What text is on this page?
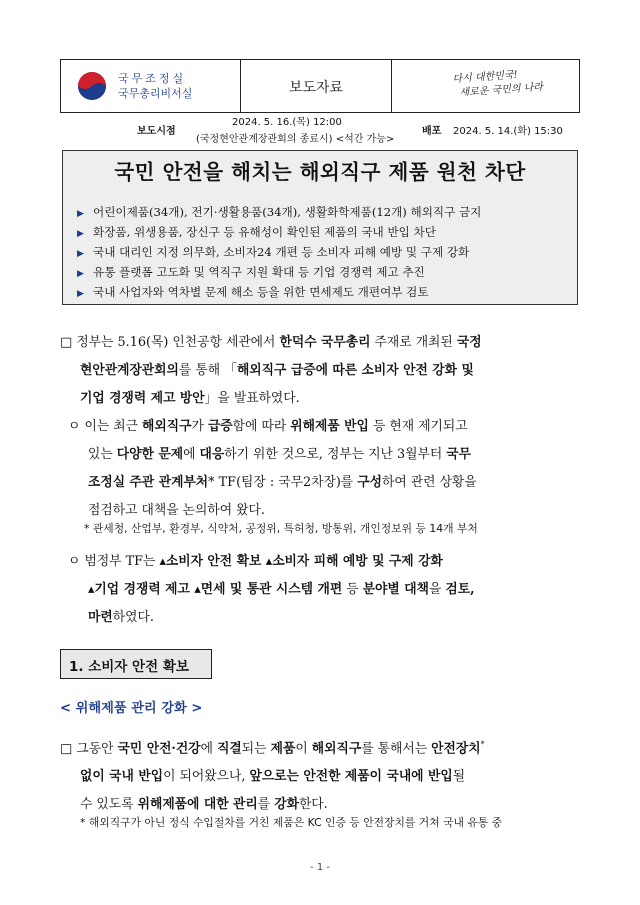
국무조정실
국무총리비서실	보도자료
다시 대한민국!
새로운 국민의 나라
보도시점
2024. 5. 16.(목) 12:00
(국정현안관계장관회의 종료시) <석간 가능>
배포 2024. 5. 14.(화) 15:30
국민 안전을 해치는 해외직구 제품 원천 차단
▶ 어린이제품(34개), 전기·생활용품(34개), 생활화학제품(12개) 해외직구 금지
▶ 화장품, 위생용품, 장신구 등 유해성이 확인된 제품의 국내 반입 차단
▶ 국내 대리인 지정 의무화, 소비자24 개편 등 소비자 피해 예방 및 구제 강화
▶ 유통 플랫폼 고도화 및 역직구 지원 확대 등 기업 경쟁력 제고 추진
▶ 국내 사업자와 역차별 문제 해소 등을 위한 면세제도 개편여부 검토
□ 정부는 5.16(목) 인천공항 세관에서 한덕수 국무총리 주재로 개최된 국정
현안관계장관회의를 통해 「해외직구 급증에 따른 소비자 안전 강화 및
기업 경쟁력 제고 방안」을 발표하였다.
ㅇ 이는 최근 해외직구가 급증함에 따라 위해제품 반입 등 현재 제기되고
있는 다양한 문제에 대응하기 위한 것으로, 정부는 지난 3월부터 국무
조정실 주관 관계부처* TF(팀장 : 국무2차장)를 구성하여 관련 상황을
점검하고 대책을 논의하여 왔다.
* 관세청, 산업부, 환경부, 식약처, 공정위, 특허청, 방통위, 개인정보위 등 14개 부처
ㅇ 범정부 TF는 ▴소비자 안전 확보 ▴소비자 피해 예방 및 구제 강화
▴기업 경쟁력 제고 ▴면세 및 통관 시스템 개편 등 분야별 대책을 검토,
마련하였다.
1. 소비자 안전 확보
< 위해제품 관리 강화 >
□ 그동안 국민 안전·건강에 직결되는 제품이 해외직구를 통해서는 안전장치*
없이 국내 반입이 되어왔으나, 앞으로는 안전한 제품이 국내에 반입될
수 있도록 위해제품에 대한 관리를 강화한다.
* 해외직구가 아닌 정식 수입절차를 거친 제품은 KC 인증 등 안전장치를 거쳐 국내 유통 중
- 1 -
